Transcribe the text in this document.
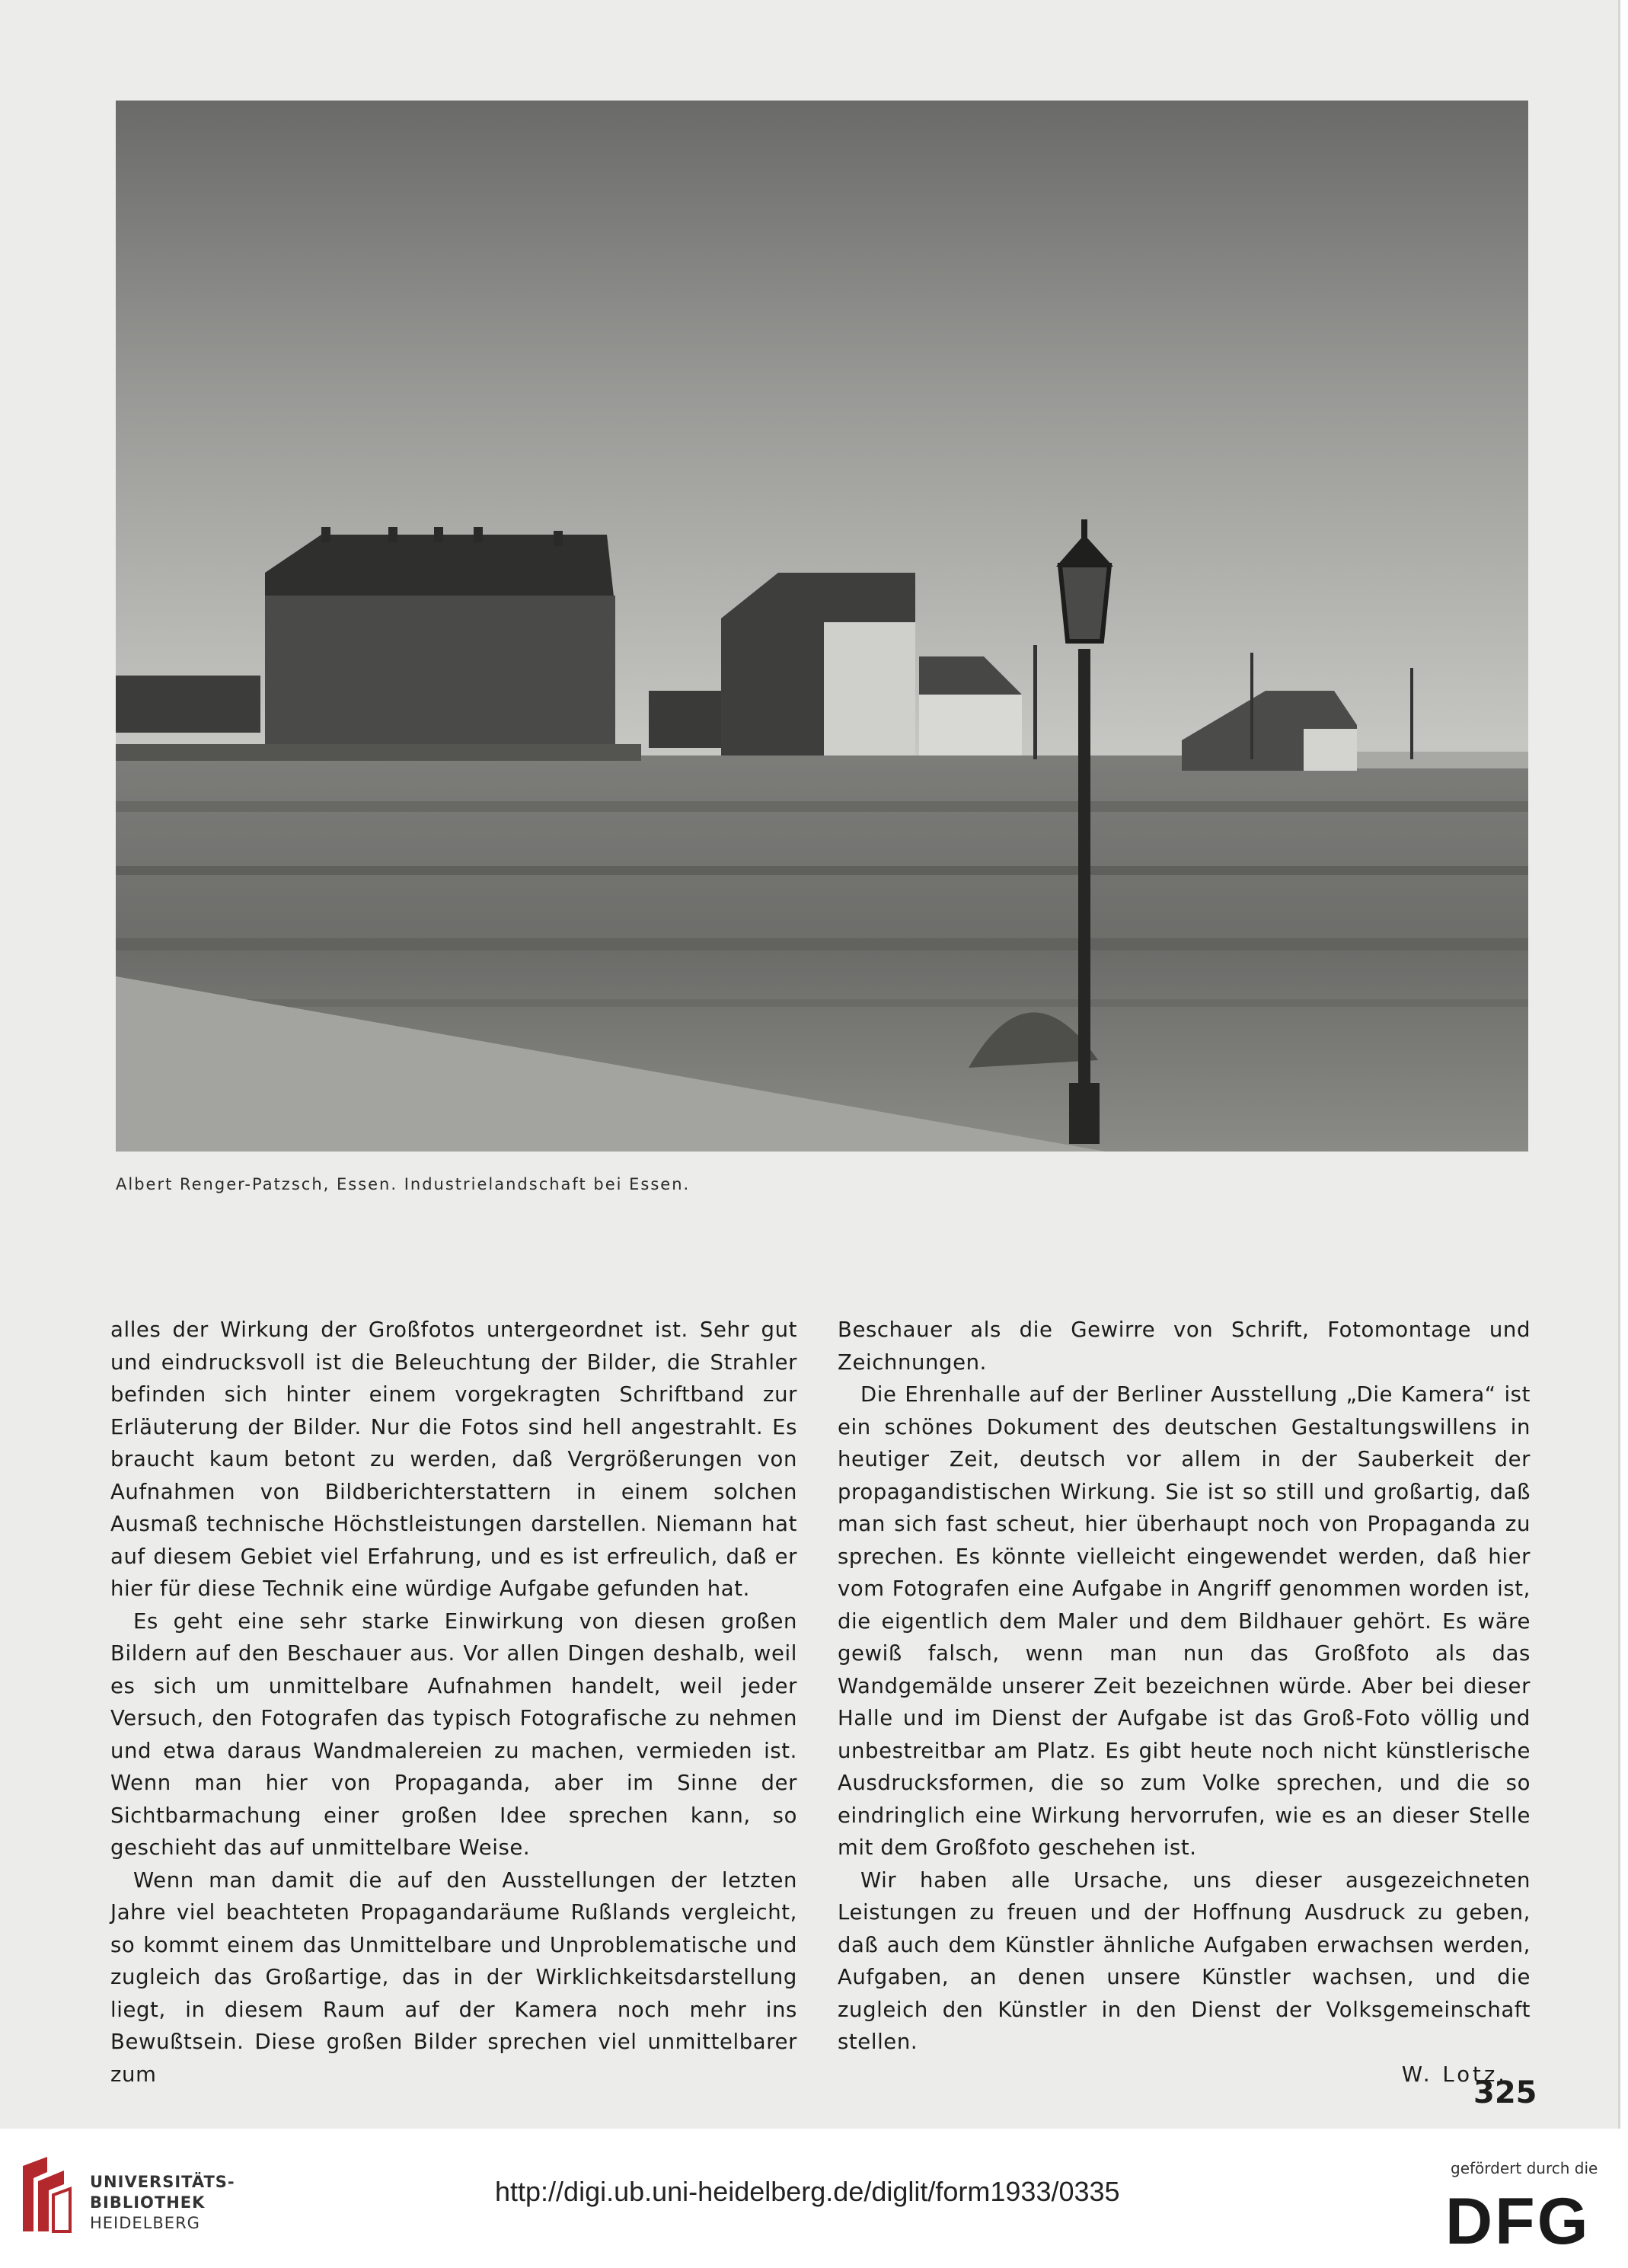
Albert Renger-Patzsch, Essen. Industrielandschaft bei Essen.

alles der Wirkung der Großfotos untergeordnet ist. Sehr gut und eindrucksvoll ist die Beleuchtung der Bilder, die Strahler befinden sich hinter einem vorgekragten Schriftband zur Erläuterung der Bilder. Nur die Fotos sind hell angestrahlt. Es braucht kaum betont zu werden, daß Vergrößerungen von Aufnahmen von Bildberichterstattern in einem solchen Ausmaß technische Höchstleistungen darstellen. Niemann hat auf diesem Gebiet viel Erfahrung, und es ist erfreulich, daß er hier für diese Technik eine würdige Aufgabe gefunden hat.

Es geht eine sehr starke Einwirkung von diesen großen Bildern auf den Beschauer aus. Vor allen Dingen deshalb, weil es sich um unmittelbare Aufnahmen handelt, weil jeder Versuch, den Fotografen das typisch Fotografische zu nehmen und etwa daraus Wandmalereien zu machen, vermieden ist. Wenn man hier von Propaganda, aber im Sinne der Sichtbarmachung einer großen Idee sprechen kann, so geschieht das auf unmittelbare Weise.

Wenn man damit die auf den Ausstellungen der letzten Jahre viel beachteten Propagandaräume Rußlands vergleicht, so kommt einem das Unmittelbare und Unproblematische und zugleich das Großartige, das in der Wirklichkeitsdarstellung liegt, in diesem Raum auf der Kamera noch mehr ins Bewußtsein. Diese großen Bilder sprechen viel unmittelbarer zum

Beschauer als die Gewirre von Schrift, Fotomontage und Zeichnungen.

Die Ehrenhalle auf der Berliner Ausstellung „Die Kamera“ ist ein schönes Dokument des deutschen Gestaltungswillens in heutiger Zeit, deutsch vor allem in der Sauberkeit der propagandistischen Wirkung. Sie ist so still und großartig, daß man sich fast scheut, hier überhaupt noch von Propaganda zu sprechen. Es könnte vielleicht eingewendet werden, daß hier vom Fotografen eine Aufgabe in Angriff genommen worden ist, die eigentlich dem Maler und dem Bildhauer gehört. Es wäre gewiß falsch, wenn man nun das Großfoto als das Wandgemälde unserer Zeit bezeichnen würde. Aber bei dieser Halle und im Dienst der Aufgabe ist das Groß-Foto völlig und unbestreitbar am Platz. Es gibt heute noch nicht künstlerische Ausdrucksformen, die so zum Volke sprechen, und die so eindringlich eine Wirkung hervorrufen, wie es an dieser Stelle mit dem Großfoto geschehen ist.

Wir haben alle Ursache, uns dieser ausgezeichneten Leistungen zu freuen und der Hoffnung Ausdruck zu geben, daß auch dem Künstler ähnliche Aufgaben erwachsen werden, Aufgaben, an denen unsere Künstler wachsen, und die zugleich den Künstler in den Dienst der Volksgemeinschaft stellen.

W. Lotz.

325
UNIVERSITÄTS-
BIBLIOTHEK
HEIDELBERG
http://digi.ub.uni-heidelberg.de/diglit/form1933/0335
gefördert durch die
DFG
